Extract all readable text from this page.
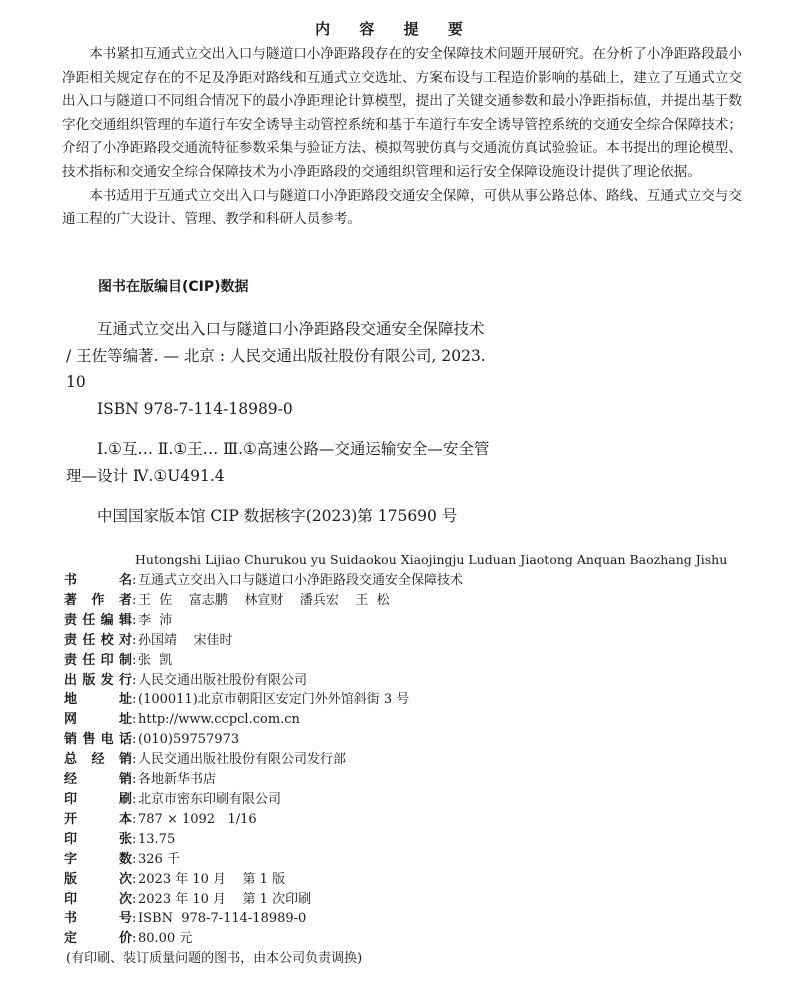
内 容 提 要

本书紧扣互通式立交出入口与隧道口小净距路段存在的安全保障技术问题开展研究。在分析了小净距路段最小净距相关规定存在的不足及净距对路线和互通式立交选址、方案布设与工程造价影响的基础上，建立了互通式立交出入口与隧道口不同组合情况下的最小净距理论计算模型，提出了关键交通参数和最小净距指标值，并提出基于数字化交通组织管理的车道行车安全诱导主动管控系统和基于车道行车安全诱导管控系统的交通安全综合保障技术；介绍了小净距路段交通流特征参数采集与验证方法、模拟驾驶仿真与交通流仿真试验验证。本书提出的理论模型、技术指标和交通安全综合保障技术为小净距路段的交通组织管理和运行安全保障设施设计提供了理论依据。

本书适用于互通式立交出入口与隧道口小净距路段交通安全保障，可供从事公路总体、路线、互通式立交与交通工程的广大设计、管理、教学和科研人员参考。

图书在版编目(CIP)数据

互通式立交出入口与隧道口小净距路段交通安全保障技术 / 王佐等编著. — 北京 : 人民交通出版社股份有限公司, 2023. 10

ISBN 978-7-114-18989-0

Ⅰ.①互… Ⅱ.①王… Ⅲ.①高速公路—交通运输安全—安全管理—设计 Ⅳ.①U491.4

中国国家版本馆 CIP 数据核字(2023)第 175690 号

Hutongshi Lijiao Churukou yu Suidaokou Xiaojingju Luduan Jiaotong Anquan Baozhang Jishu
书名 : 互通式立交出入口与隧道口小净距路段交通安全保障技术
著作者 : 王  佐    富志鹏    林宣财    潘兵宏    王  松
责任编辑 : 李  沛
责任校对 : 孙国靖    宋佳时
责任印制 : 张  凯
出版发行 : 人民交通出版社股份有限公司
地址 : (100011)北京市朝阳区安定门外外馆斜街 3 号
网址 : http://www.ccpcl.com.cn
销售电话 : (010)59757973
总经销 : 人民交通出版社股份有限公司发行部
经销 : 各地新华书店
印刷 : 北京市密东印刷有限公司
开本 : 787 × 1092   1/16
印张 : 13.75
字数 : 326 千
版次 : 2023 年 10 月    第 1 版
印次 : 2023 年 10 月    第 1 次印刷
书号 : ISBN  978-7-114-18989-0
定价 : 80.00 元
(有印刷、装订质量问题的图书，由本公司负责调换)
